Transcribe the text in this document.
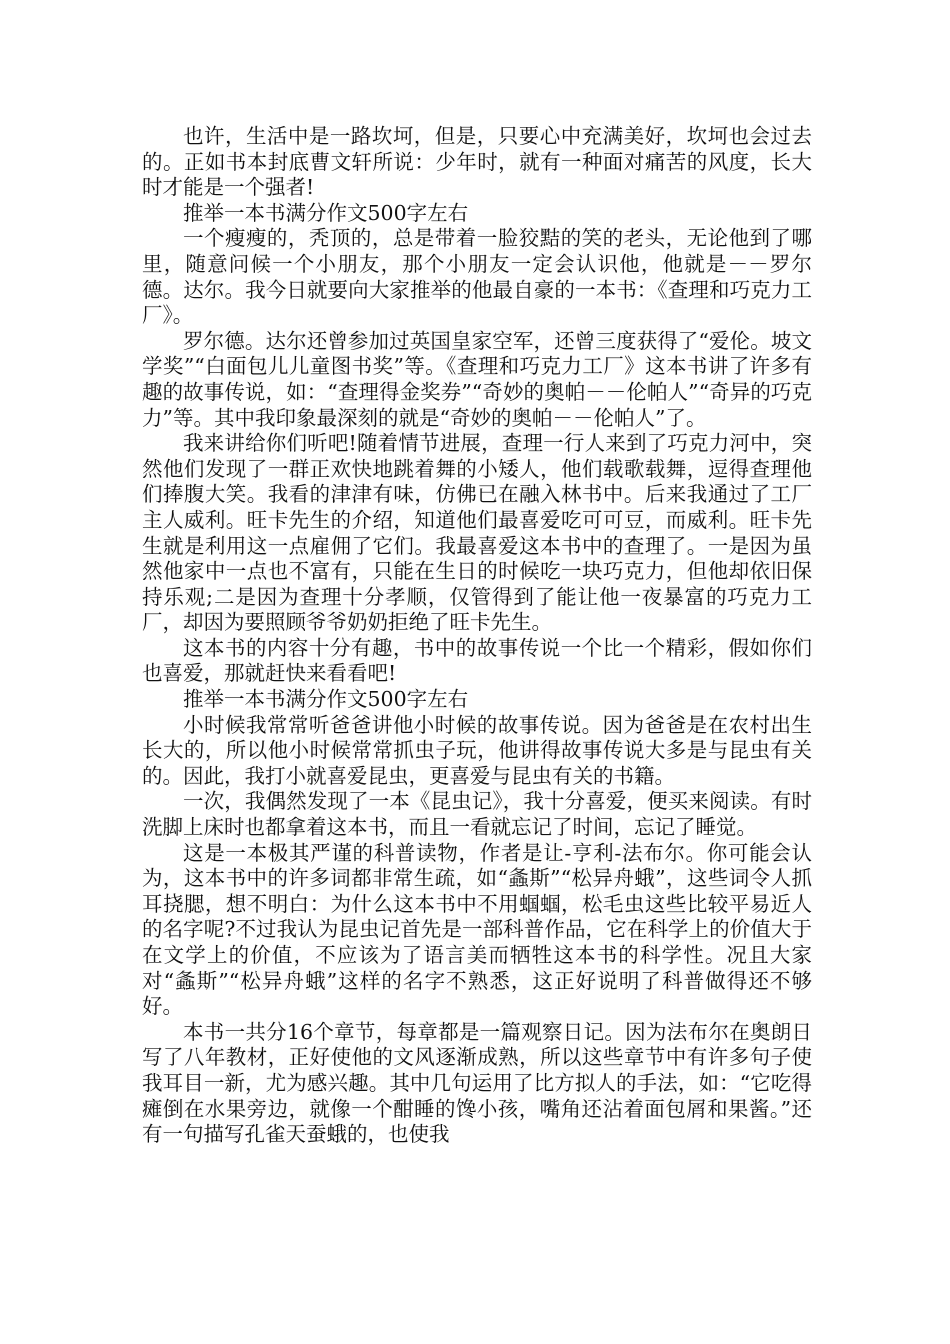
也许，生活中是一路坎坷，但是，只要心中充满美好，坎坷也会过去的。正如书本封底曹文轩所说：少年时，就有一种面对痛苦的风度，长大时才能是一个强者!

推举一本书满分作文500字左右

一个瘦瘦的，秃顶的，总是带着一脸狡黠的笑的老头，无论他到了哪里，随意问候一个小朋友，那个小朋友一定会认识他，他就是－－罗尔德。达尔。我今日就要向大家推举的他最自豪的一本书：《查理和巧克力工厂》。

罗尔德。达尔还曾参加过英国皇家空军，还曾三度获得了“爱伦。坡文学奖”“白面包儿儿童图书奖”等。《查理和巧克力工厂》这本书讲了许多有趣的故事传说，如：“查理得金奖券”“奇妙的奥帕－－伦帕人”“奇异的巧克力”等。其中我印象最深刻的就是“奇妙的奥帕－－伦帕人”了。

我来讲给你们听吧!随着情节进展，查理一行人来到了巧克力河中，突然他们发现了一群正欢快地跳着舞的小矮人，他们载歌载舞，逗得查理他们捧腹大笑。我看的津津有味，仿佛已在融入林书中。后来我通过了工厂主人威利。旺卡先生的介绍，知道他们最喜爱吃可可豆，而威利。旺卡先生就是利用这一点雇佣了它们。我最喜爱这本书中的查理了。一是因为虽然他家中一点也不富有，只能在生日的时候吃一块巧克力，但他却依旧保持乐观;二是因为查理十分孝顺，仅管得到了能让他一夜暴富的巧克力工厂，却因为要照顾爷爷奶奶拒绝了旺卡先生。

这本书的内容十分有趣，书中的故事传说一个比一个精彩，假如你们也喜爱，那就赶快来看看吧!

推举一本书满分作文500字左右

小时候我常常听爸爸讲他小时候的故事传说。因为爸爸是在农村出生长大的，所以他小时候常常抓虫子玩，他讲得故事传说大多是与昆虫有关的。因此，我打小就喜爱昆虫，更喜爱与昆虫有关的书籍。

一次，我偶然发现了一本《昆虫记》，我十分喜爱，便买来阅读。有时洗脚上床时也都拿着这本书，而且一看就忘记了时间，忘记了睡觉。

这是一本极其严谨的科普读物，作者是让-亨利-法布尔。你可能会认为，这本书中的许多词都非常生疏，如“螽斯”“松异舟蛾”，这些词令人抓耳挠腮，想不明白：为什么这本书中不用蝈蝈，松毛虫这些比较平易近人的名字呢?不过我认为昆虫记首先是一部科普作品，它在科学上的价值大于在文学上的价值，不应该为了语言美而牺牲这本书的科学性。况且大家对“螽斯”“松异舟蛾”这样的名字不熟悉，这正好说明了科普做得还不够好。

本书一共分16个章节，每章都是一篇观察日记。因为法布尔在奥朗日写了八年教材，正好使他的文风逐渐成熟，所以这些章节中有许多句子使我耳目一新，尤为感兴趣。其中几句运用了比方拟人的手法，如：“它吃得瘫倒在水果旁边，就像一个酣睡的馋小孩，嘴角还沾着面包屑和果酱。”还有一句描写孔雀天蚕蛾的，也使我
